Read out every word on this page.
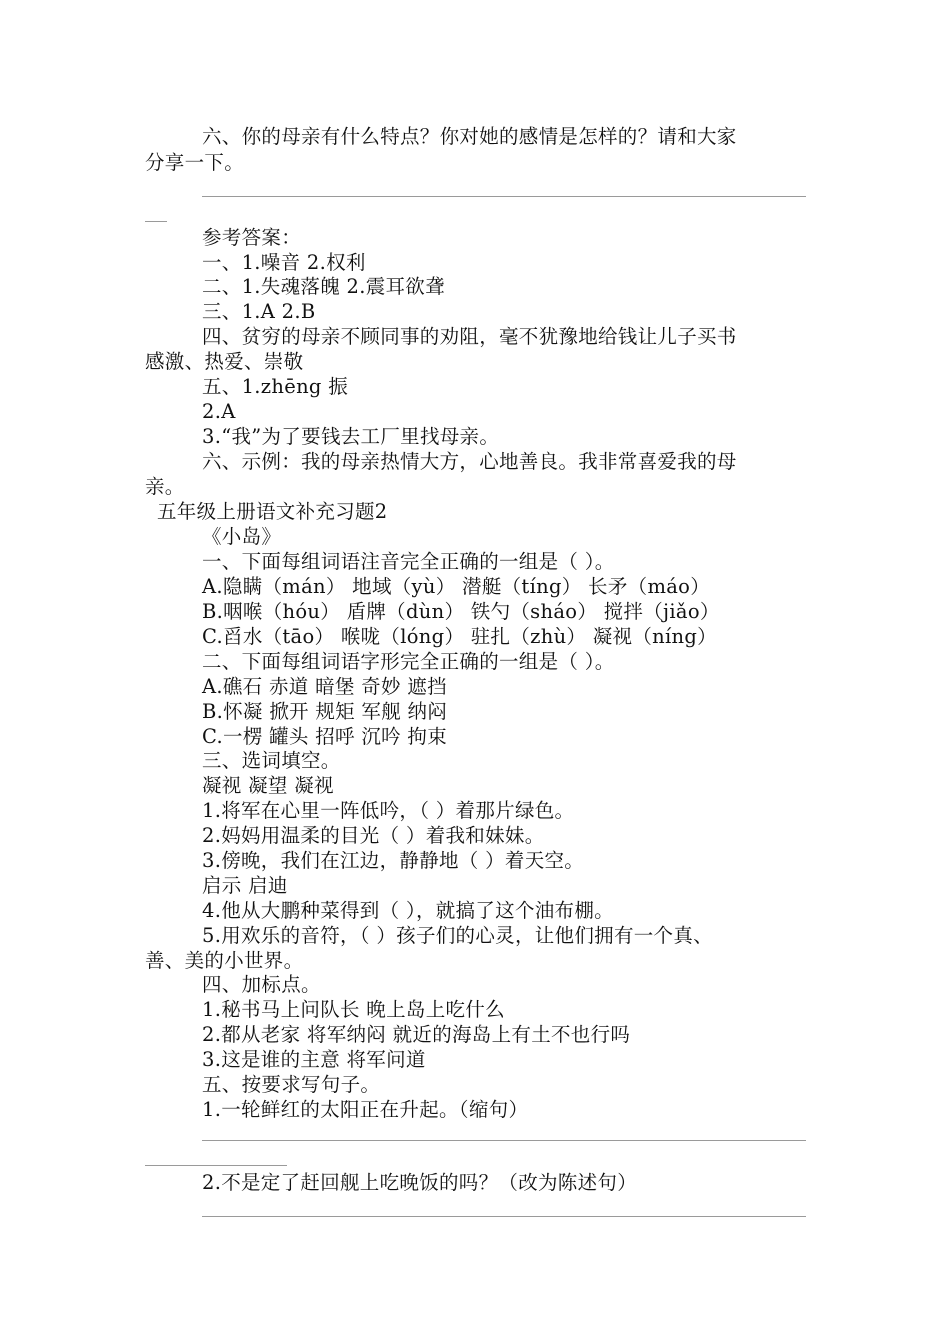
六、你的母亲有什么特点？你对她的感情是怎样的？请和大家
分享一下。
参考答案：
一、1.噪音 2.权利
二、1.失魂落魄 2.震耳欲聋
三、1.A 2.B
四、贫穷的母亲不顾同事的劝阻，毫不犹豫地给钱让儿子买书
感激、热爱、崇敬
五、1.zhēng 振
2.A
3.“我”为了要钱去工厂里找母亲。
六、示例：我的母亲热情大方，心地善良。我非常喜爱我的母
亲。
五年级上册语文补充习题2
《小岛》
一、下面每组词语注音完全正确的一组是（ ）。
A.隐瞒（mán） 地域（yù） 潜艇（tíng） 长矛（máo）
B.咽喉（hóu） 盾牌（dùn） 铁勺（sháo） 搅拌（jiǎo）
C.舀水（tāo） 喉咙（lóng） 驻扎（zhù） 凝视（níng）
二、下面每组词语字形完全正确的一组是（ ）。
A.礁石 赤道 暗堡 奇妙 遮挡
B.怀凝 掀开 规矩 军舰 纳闷
C.一楞 罐头 招呼 沉吟 拘束
三、选词填空。
凝视 凝望 凝视
1.将军在心里一阵低吟，（ ）着那片绿色。
2.妈妈用温柔的目光（ ）着我和妹妹。
3.傍晚，我们在江边，静静地（ ）着天空。
启示 启迪
4.他从大鹏种菜得到（ ），就搞了这个油布棚。
5.用欢乐的音符，（ ）孩子们的心灵，让他们拥有一个真、
善、美的小世界。
四、加标点。
1.秘书马上问队长 晚上岛上吃什么
2.都从老家 将军纳闷 就近的海岛上有土不也行吗
3.这是谁的主意 将军问道
五、按要求写句子。
1.一轮鲜红的太阳正在升起。（缩句）
2.不是定了赶回舰上吃晚饭的吗？（改为陈述句）
